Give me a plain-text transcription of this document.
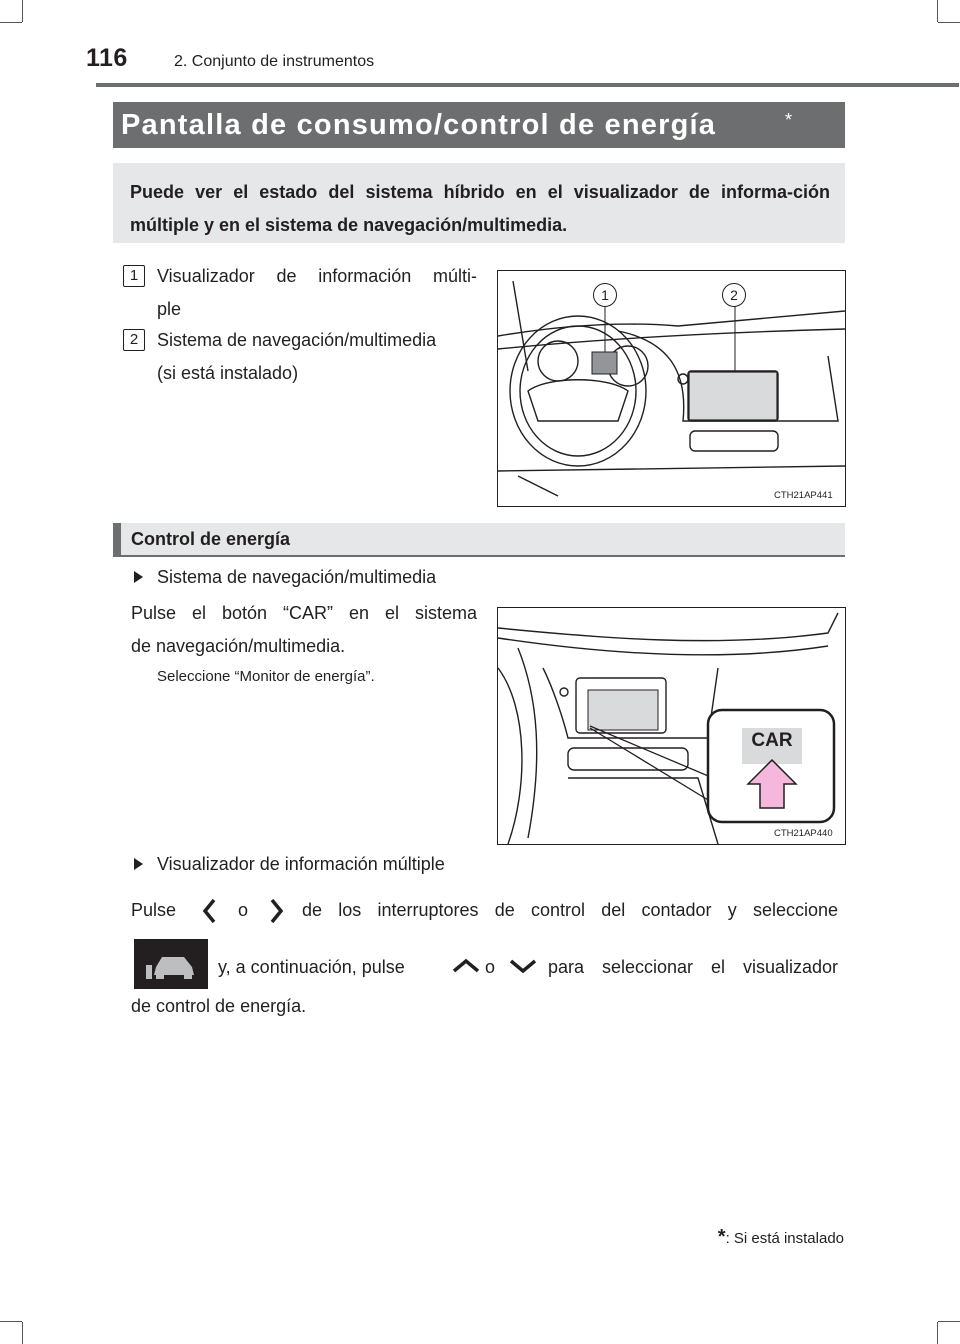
116	2. Conjunto de instrumentos
Pantalla de consumo/control de energía	*
Puede ver el estado del sistema híbrido en el visualizador de informa-ción múltiple y en el sistema de navegación/multimedia.
1	Visualizador de información múlti-
ple
2	Sistema de navegación/multimedia
(si está instalado)
1	2
CTH21AP441
Control de energía
Sistema de navegación/multimedia
Pulse el botón “CAR” en el sistema
de navegación/multimedia.
Seleccione “Monitor de energía”.
CAR
CTH21AP440
Visualizador de información múltiple
Pulse	o	de los interruptores de control del contador y seleccione
y, a continuación, pulse	o	para seleccionar el visualizador
de control de energía.
*: Si está instalado
